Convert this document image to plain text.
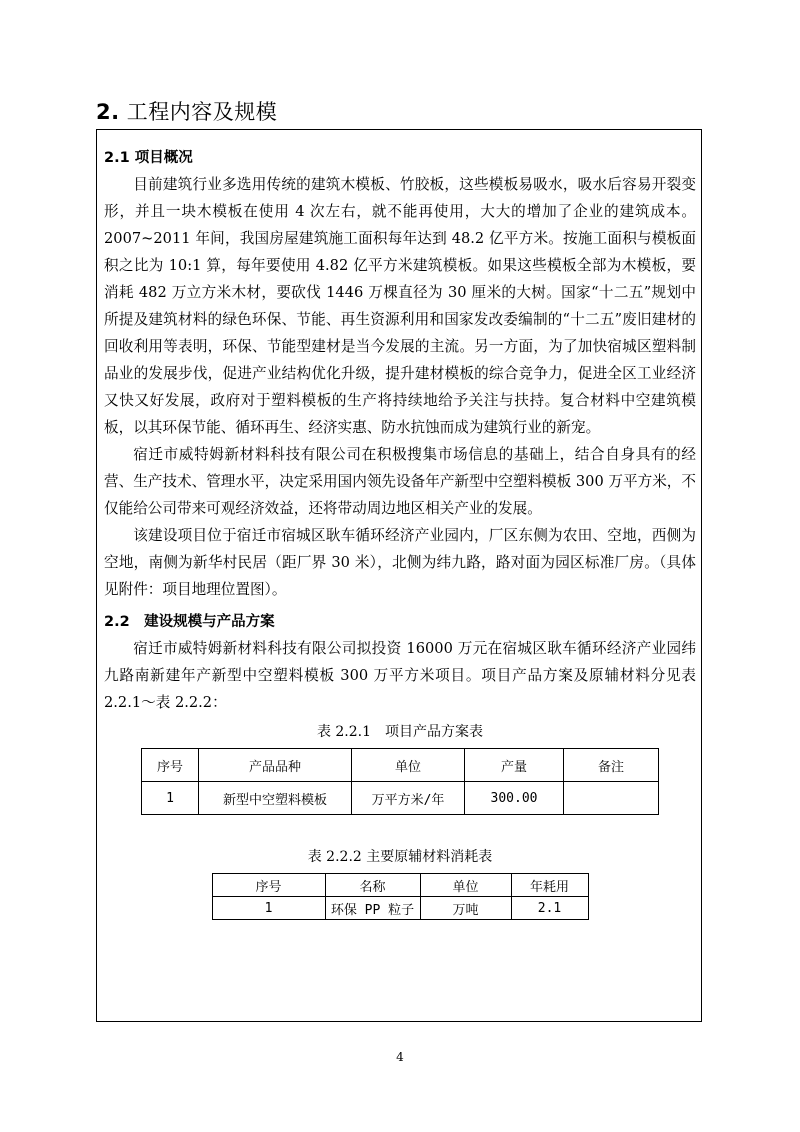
2. 工程内容及规模
2.1 项目概况

目前建筑行业多选用传统的建筑木模板、竹胶板，这些模板易吸水，吸水后容易开裂变形，并且一块木模板在使用 4 次左右，就不能再使用，大大的增加了企业的建筑成本。2007~2011 年间，我国房屋建筑施工面积每年达到 48.2 亿平方米。按施工面积与模板面积之比为 10:1 算，每年要使用 4.82 亿平方米建筑模板。如果这些模板全部为木模板，要消耗 482 万立方米木材，要砍伐 1446 万棵直径为 30 厘米的大树。国家“十二五”规划中所提及建筑材料的绿色环保、节能、再生资源利用和国家发改委编制的“十二五”废旧建材的回收利用等表明，环保、节能型建材是当今发展的主流。另一方面，为了加快宿城区塑料制品业的发展步伐，促进产业结构优化升级，提升建材模板的综合竞争力，促进全区工业经济又快又好发展，政府对于塑料模板的生产将持续地给予关注与扶持。复合材料中空建筑模板，以其环保节能、循环再生、经济实惠、防水抗蚀而成为建筑行业的新宠。

宿迁市威特姆新材料科技有限公司在积极搜集市场信息的基础上，结合自身具有的经营、生产技术、管理水平，决定采用国内领先设备年产新型中空塑料模板 300 万平方米，不仅能给公司带来可观经济效益，还将带动周边地区相关产业的发展。

该建设项目位于宿迁市宿城区耿车循环经济产业园内，厂区东侧为农田、空地，西侧为空地，南侧为新华村民居（距厂界 30 米），北侧为纬九路，路对面为园区标准厂房。（具体见附件：项目地理位置图）。

2.2　建设规模与产品方案

宿迁市威特姆新材料科技有限公司拟投资 16000 万元在宿城区耿车循环经济产业园纬九路南新建年产新型中空塑料模板 300 万平方米项目。项目产品方案及原辅材料分见表 2.2.1～表 2.2.2：

表 2.2.1　项目产品方案表
序号	产品品种	单位	产量	备注
1	新型中空塑料模板	万平方米/年	300.00	
表 2.2.2 主要原辅材料消耗表
序号	名称	单位	年耗用
1	环保 PP 粒子	万吨	2.1
4
